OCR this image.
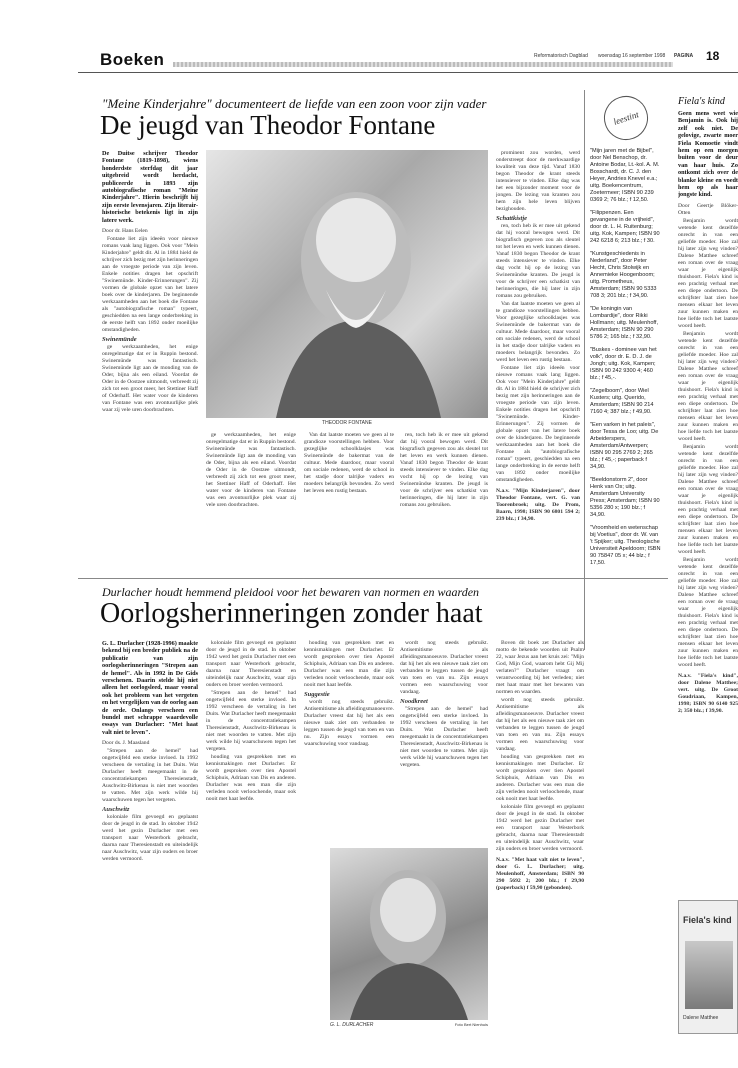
Boeken	Reformatorisch Dagblad woensdag 16 september 1998 PAGINA 18
"Meine Kinderjahre" documenteert de liefde van een zoon voor zijn vader
De jeugd van Theodor Fontane

De Duitse schrijver Theodor Fontane (1819-1898), wiens honderdste sterfdag dit jaar uitgebreid wordt herdacht, publiceerde in 1893 zijn autobiografische roman "Meine Kinderjahre". Hierin beschrijft hij zijn eerste levensjaren. Zijn literair-historische betekenis ligt in zijn latere werk.

Door dr. Hans Eelen

Fontane liet zijn ideeën voor nieuwe romans vaak lang liggen. Ook voor "Mein Kinderjahre" geldt dit. Al in 1884 hield de schrijver zich bezig met zijn herinneringen aan de vroegste periode van zijn leven. Enkele notities dragen het opschrift "Swinemünde. Kinder-Erinnerungen". Zij vormen de globale opzet van het latere boek over de kinderjaren. De beginnende werkzaamheden aan het boek die Fontane als "autobiografische roman" typeert, geschiedden na een lange onderbreking in de eerste helft van 1892 onder moeilijke omstandigheden.

Swinemünde

ge werkzaamheden, het enige onregelmatige dat er in Ruppin bestond. Swinemünde was fantastisch. Swinemünde ligt aan de monding van de Oder, bijna als een eiland. Voordat de Oder in de Oostzee uitmondt, verbreedt zij zich tot een groot meer, het Stettiner Haff of Oderhaff. Het water voor de kinderen van Fontane was een avontuurlijke plek waar zij vele uren doorbrachten.

THEODOR FONTANE

ge werkzaamheden, het enige onregelmatige dat er in Ruppin bestond. Swinemünde was fantastisch. Swinemünde ligt aan de monding van de Oder, bijna als een eiland. Voordat de Oder in de Oostzee uitmondt, verbreedt zij zich tot een groot meer, het Stettiner Haff of Oderhaff. Het water voor de kinderen van Fontane was een avontuurlijke plek waar zij vele uren doorbrachten.

Van dat laatste moeten we geen al te grandioze voorstellingen hebben. Voor gezeglijke schoolklasjes was Swinemünde de bakermat van de cultuur. Mede daardoor, maar vooral om sociale redenen, werd de school in het stadje door talrijke vaders en moeders belangrijk bevonden. Zo werd het leven een rustig bestaan.

ren, toch heb ik er mee uit gekend dat hij vooral bewogen werd. Dit biografisch gegeven zou als sleutel tot het leven en werk kunnen dienen. Vanaf 1830 begon Theodor de krant steeds intensiever te vinden. Elke dag vocht hij op de lezing van Swinemündse kranten. De jeugd is voor de schrijver een schatkist van herinneringen, die hij later in zijn romans zou gebruiken.

prominent zou worden, werd onderstreept door de merkwaardige kwaliteit van deze tijd. Vanaf 1830 begon Theodor de krant steeds intensiever te vinden. Elke dag was het een bijzonder moment voor de jongen. De lezing van kranten zou hem zijn hele leven blijven bezighouden.

Schattkistje

ren, toch heb ik er mee uit gekend dat hij vooral bewogen werd. Dit biografisch gegeven zou als sleutel tot het leven en werk kunnen dienen. Vanaf 1830 begon Theodor de krant steeds intensiever te vinden. Elke dag vocht hij op de lezing van Swinemündse kranten. De jeugd is voor de schrijver een schatkist van herinneringen, die hij later in zijn romans zou gebruiken.

Van dat laatste moeten we geen al te grandioze voorstellingen hebben. Voor gezeglijke schoolklasjes was Swinemünde de bakermat van de cultuur. Mede daardoor, maar vooral om sociale redenen, werd de school in het stadje door talrijke vaders en moeders belangrijk bevonden. Zo werd het leven een rustig bestaan.

Fontane liet zijn ideeën voor nieuwe romans vaak lang liggen. Ook voor "Mein Kinderjahre" geldt dit. Al in 1884 hield de schrijver zich bezig met zijn herinneringen aan de vroegste periode van zijn leven. Enkele notities dragen het opschrift "Swinemünde. Kinder-Erinnerungen". Zij vormen de globale opzet van het latere boek over de kinderjaren. De beginnende werkzaamheden aan het boek die Fontane als "autobiografische roman" typeert, geschiedden na een lange onderbreking in de eerste helft van 1892 onder moeilijke omstandigheden.

N.a.v. "Mijn Kinderjaren", door Theodor Fontane, vert. G. van Toorenbroek; uitg. De Prom, Baarn, 1998; ISBN 90 6801 594 2; 239 blz.; f 34,90.

leestint

"Mijn jaren met de Bijbel", door Nel Benschop, dr. Antoine Bodar, Lt.-kol. A. M. Bosschardt, dr. C. J. den Heyer, Andries Knevel e.a.; uitg. Boekencentrum, Zoetermeer; ISBN 90 239 0369 2; 76 blz.; f 12,50.

"Filippenzen. Een gevangene in de vrijheid", door dr. L. H. Ruitenburg; uitg. Kok, Kampen; ISBN 90 242 6218 6; 213 blz.; f 30.

"Kunstgeschiedenis in Nederland", door Peter Hecht, Chris Stolwijk en Annemieke Hoogenboom; uitg. Prometheus, Amsterdam; ISBN 90 5333 708 3; 201 blz.; f 34,90.

"De koningin van Lombardije", door Rikki Hollmann; uitg. Meulenhoff, Amsterdam; ISBN 90 290 5786 2; 165 blz.; f 32,90.

"Buskes - dominee van het volk", door dr. E. D. J. de Jongh; uitg. Kok, Kampen; ISBN 90 242 9300 4; 460 blz.; f 45,-.

"Zegelboom", door Wiel Kusters; uitg. Querido, Amsterdam; ISBN 90 214 7160 4; 387 blz.; f 49,90.

"Een varken in het paleis", door Tessa de Loo; uitg. De Arbeiderspers, Amsterdam/Antwerpen; ISBN 90 295 2769 2; 265 blz.; f 45,-; paperback f 34,90.

"Beeldonstorm 2", door Henk van Os; uitg. Amsterdam University Press; Amsterdam; ISBN 90 5356 280 x; 190 blz.; f 34,90.

"Vroomheid en wetenschap bij Voetius", door dr. W. van 't Spijker; uitg. Theologische Universiteit Apeldoorn; ISBN 90 75847 05 x; 44 blz.; f 17,50.

Fiela's kind

Geen mens weet wie Benjamin is. Ook hij zelf ook niet. De gelovige, zwarte moer Fiela Komoetie vindt hem op een morgen buiten voor de deur van haar huis. Zo ontkomt zich over de blanke kleine en voedt hem op als haar jongste kind.

Door Geertje Blöker-Otten

Benjamin wordt wetende kent dezelfde onrecht in van een geliefde moeder. Hoe zal hij later zijn weg vinden? Dalene Matthee schreef een roman over de vraag waar je eigenlijk thuishoort. Fiela's kind is een prachtig verhaal met een diepe ondertoon. De schrijfster laat zien hoe mensen elkaar het leven zuur kunnen maken en hoe liefde toch het laatste woord heeft.

Benjamin wordt wetende kent dezelfde onrecht in van een geliefde moeder. Hoe zal hij later zijn weg vinden? Dalene Matthee schreef een roman over de vraag waar je eigenlijk thuishoort. Fiela's kind is een prachtig verhaal met een diepe ondertoon. De schrijfster laat zien hoe mensen elkaar het leven zuur kunnen maken en hoe liefde toch het laatste woord heeft.

Benjamin wordt wetende kent dezelfde onrecht in van een geliefde moeder. Hoe zal hij later zijn weg vinden? Dalene Matthee schreef een roman over de vraag waar je eigenlijk thuishoort. Fiela's kind is een prachtig verhaal met een diepe ondertoon. De schrijfster laat zien hoe mensen elkaar het leven zuur kunnen maken en hoe liefde toch het laatste woord heeft.

Benjamin wordt wetende kent dezelfde onrecht in van een geliefde moeder. Hoe zal hij later zijn weg vinden? Dalene Matthee schreef een roman over de vraag waar je eigenlijk thuishoort. Fiela's kind is een prachtig verhaal met een diepe ondertoon. De schrijfster laat zien hoe mensen elkaar het leven zuur kunnen maken en hoe liefde toch het laatste woord heeft.

N.a.v. "Fiela's kind", door Dalene Matthee; vert. uitg. De Groot Goudriaan, Kampen, 1998; ISBN 90 6140 925 2; 350 blz.; f 39,90.

Fiela's kind
Dalene Matthee
Durlacher houdt hemmend pleidooi voor het bewaren van normen en waarden
Oorlogsherinneringen zonder haat

G. L. Durlacher (1928-1996) maakte bekend bij een breder publiek na de publicatie van zijn oorlogsherinneringen "Strepen aan de hemel". Als in 1992 in De Gids verschenen. Daarin stelde hij niet alleen het oorlogsleed, maar vooral ook het probleem van het vergeten en het vergelijken van de oorlog aan de orde. Onlangs verscheen een bundel met schrappe waardevolle essays van Durlacher: "Met haat valt niet te leven".

Door ds. J. Maasland

"Strepen aan de hemel" had ongetwijfeld een sterke invloed. In 1992 verscheen de vertaling in het Duits. Wat Durlacher heeft meegemaakt in de concentratiekampen Theresienstadt, Auschwitz-Birkenau is niet met woorden te vatten. Met zijn werk wilde hij waarschuwen tegen het vergeten.

Auschwitz

koloniale film gevoegd en geplaatst door de jeugd in de stad. In oktober 1942 werd het gezin Durlacher met een transport naar Westerbork gebracht, daarna naar Theresienstadt en uiteindelijk naar Auschwitz, waar zijn ouders en broer werden vermoord.

koloniale film gevoegd en geplaatst door de jeugd in de stad. In oktober 1942 werd het gezin Durlacher met een transport naar Westerbork gebracht, daarna naar Theresienstadt en uiteindelijk naar Auschwitz, waar zijn ouders en broer werden vermoord.

"Strepen aan de hemel" had ongetwijfeld een sterke invloed. In 1992 verscheen de vertaling in het Duits. Wat Durlacher heeft meegemaakt in de concentratiekampen Theresienstadt, Auschwitz-Birkenau is niet met woorden te vatten. Met zijn werk wilde hij waarschuwen tegen het vergeten.

houding van gesprekken met en kennismakingen met Durlacher. Er wordt gesproken over tien Apostel Schiphuis, Adriaan van Dis en anderen. Durlacher was een man die zijn verleden nooit verloochende, maar ook nooit met haat leefde.

houding van gesprekken met en kennismakingen met Durlacher. Er wordt gesproken over tien Apostel Schiphuis, Adriaan van Dis en anderen. Durlacher was een man die zijn verleden nooit verloochende, maar ook nooit met haat leefde.

Suggestie

wordt nog steeds gebruikt. Antisemitisme als afleidingsmanoeuvre. Durlacher vreest dat hij het als een nieuwe taak ziet om verbanden te leggen tussen de jeugd van toen en van nu. Zijn essays vormen een waarschuwing voor vandaag.

wordt nog steeds gebruikt. Antisemitisme als afleidingsmanoeuvre. Durlacher vreest dat hij het als een nieuwe taak ziet om verbanden te leggen tussen de jeugd van toen en van nu. Zijn essays vormen een waarschuwing voor vandaag.

Noodkreet

"Strepen aan de hemel" had ongetwijfeld een sterke invloed. In 1992 verscheen de vertaling in het Duits. Wat Durlacher heeft meegemaakt in de concentratiekampen Theresienstadt, Auschwitz-Birkenau is niet met woorden te vatten. Met zijn werk wilde hij waarschuwen tegen het vergeten.

G. L. DURLACHER	Foto Bert Nienhuis

Boven dit boek zet Durlacher als motto de bekende woorden uit Psalm 22, waar Jezus aan het kruis zei: "Mijn God, Mijn God, waarom hebt Gij Mij verlaten?" Durlacher vraagt om verantwoording bij het verleden; niet met haat maar met het bewaren van normen en waarden.

wordt nog steeds gebruikt. Antisemitisme als afleidingsmanoeuvre. Durlacher vreest dat hij het als een nieuwe taak ziet om verbanden te leggen tussen de jeugd van toen en van nu. Zijn essays vormen een waarschuwing voor vandaag.

houding van gesprekken met en kennismakingen met Durlacher. Er wordt gesproken over tien Apostel Schiphuis, Adriaan van Dis en anderen. Durlacher was een man die zijn verleden nooit verloochende, maar ook nooit met haat leefde.

koloniale film gevoegd en geplaatst door de jeugd in de stad. In oktober 1942 werd het gezin Durlacher met een transport naar Westerbork gebracht, daarna naar Theresienstadt en uiteindelijk naar Auschwitz, waar zijn ouders en broer werden vermoord.

N.a.v. "Met haat valt niet te leven", door G. L. Durlacher; uitg. Meulenhoff, Amsterdam; ISBN 90 290 5692 2; 200 blz.; f 29,90 (paperback) f 59,90 (gebonden).
